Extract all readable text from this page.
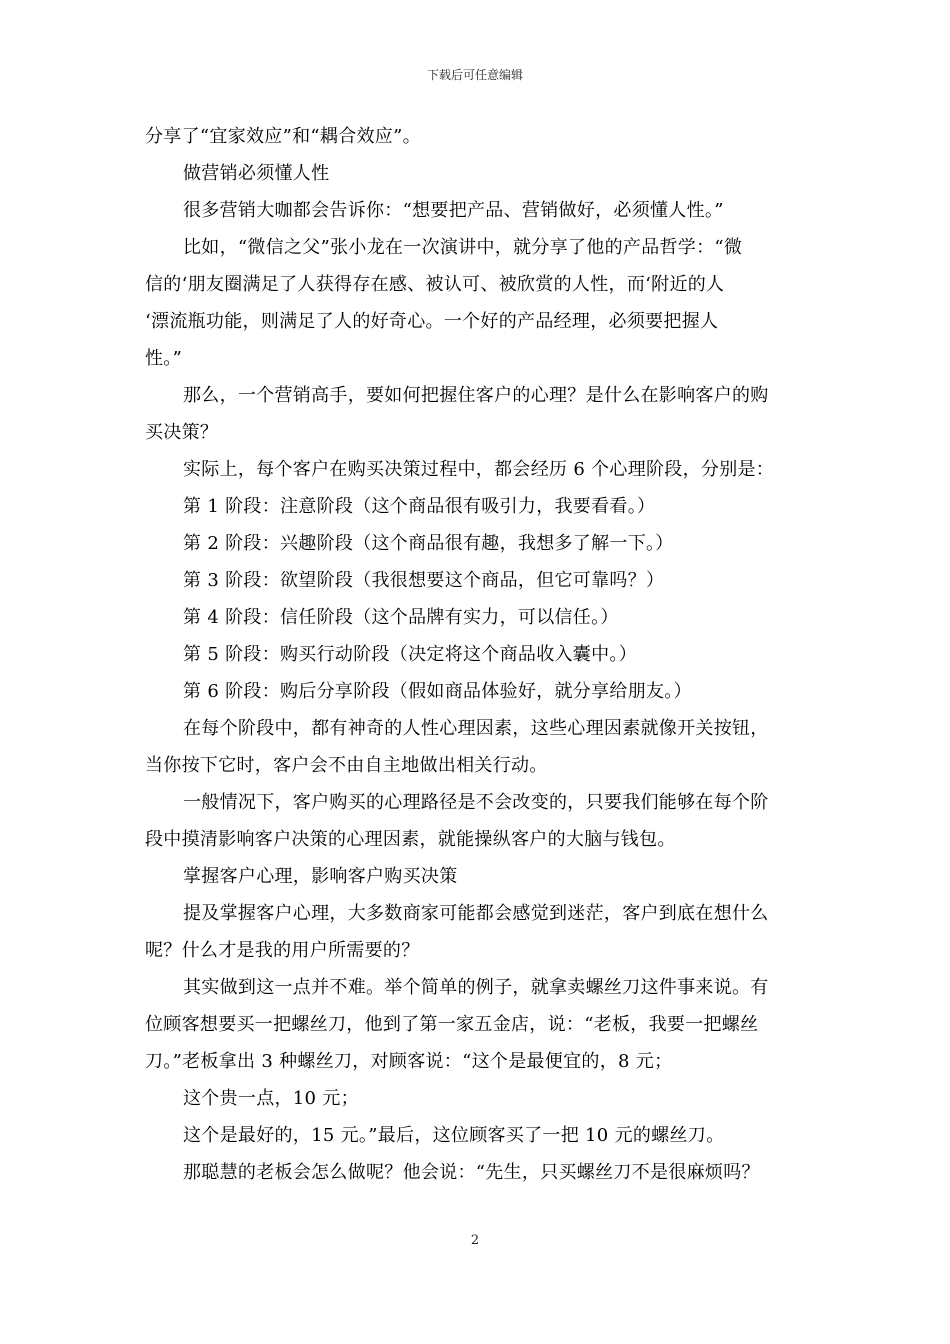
下载后可任意编辑

分享了“宜家效应”和“耦合效应”。

做营销必须懂人性

很多营销大咖都会告诉你：“想要把产品、营销做好，必须懂人性。”

比如，“微信之父”张小龙在一次演讲中，就分享了他的产品哲学：“微

信的‘朋友圈满足了人获得存在感、被认可、被欣赏的人性，而‘附近的人

‘漂流瓶功能，则满足了人的好奇心。一个好的产品经理，必须要把握人

性。”

那么，一个营销高手，要如何把握住客户的心理？是什么在影响客户的购

买决策？

实际上，每个客户在购买决策过程中，都会经历 6 个心理阶段，分别是：

第 1 阶段：注意阶段（这个商品很有吸引力，我要看看。）

第 2 阶段：兴趣阶段（这个商品很有趣，我想多了解一下。）

第 3 阶段：欲望阶段（我很想要这个商品，但它可靠吗？）

第 4 阶段：信任阶段（这个品牌有实力，可以信任。）

第 5 阶段：购买行动阶段（决定将这个商品收入囊中。）

第 6 阶段：购后分享阶段（假如商品体验好，就分享给朋友。）

在每个阶段中，都有神奇的人性心理因素，这些心理因素就像开关按钮，

当你按下它时，客户会不由自主地做出相关行动。

一般情况下，客户购买的心理路径是不会改变的，只要我们能够在每个阶

段中摸清影响客户决策的心理因素，就能操纵客户的大脑与钱包。

掌握客户心理，影响客户购买决策

提及掌握客户心理，大多数商家可能都会感觉到迷茫，客户到底在想什么

呢？什么才是我的用户所需要的？

其实做到这一点并不难。举个简单的例子，就拿卖螺丝刀这件事来说。有

位顾客想要买一把螺丝刀，他到了第一家五金店，说：“老板，我要一把螺丝

刀。”老板拿出 3 种螺丝刀，对顾客说：“这个是最便宜的，8 元；

这个贵一点，10 元；

这个是最好的，15 元。”最后，这位顾客买了一把 10 元的螺丝刀。

那聪慧的老板会怎么做呢？他会说：“先生，只买螺丝刀不是很麻烦吗？

2
